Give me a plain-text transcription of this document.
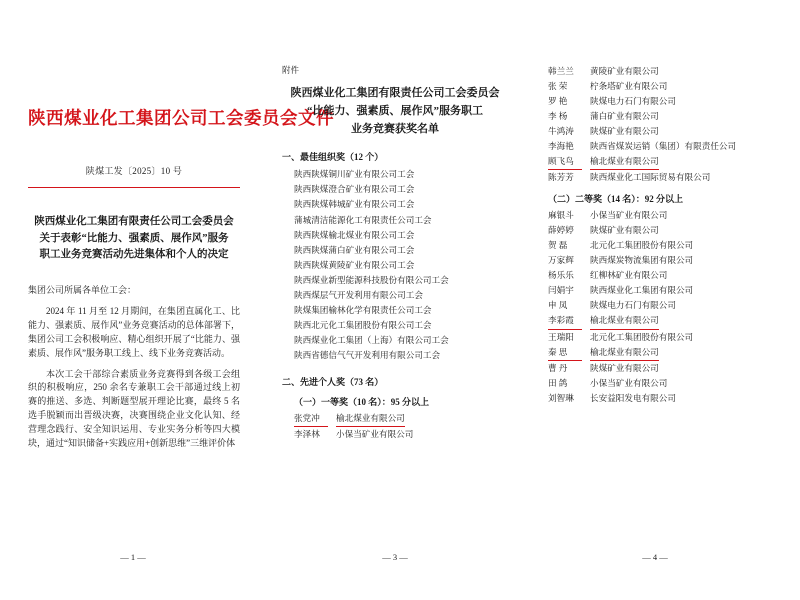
陕西煤业化工集团公司工会委员会文件
陕煤工发〔2025〕10 号
陕西煤业化工集团有限责任公司工会委员会
关于表彰“比能力、强素质、展作风”服务
职工业务竞赛活动先进集体和个人的决定
集团公司所属各单位工会：

2024 年 11 月至 12 月期间，在集团直属化工、比能力、强素质、展作风”业务竞赛活动的总体部署下，集团公司工会积极响应、精心组织开展了“比能力、强素质、展作风”服务职工线上、线下业务竞赛活动。

本次工会干部综合素质业务竞赛得到各级工会组织的积极响应，250 余名专兼职工会干部通过线上初赛的推送、多选、判断题型展开理论比赛，最终 5 名选手脱颖而出晋级决赛，决赛围绕企业文化认知、经营理念践行、安全知识运用、专业实务分析等四大模块，通过“知识储备+实践应用+创新思维”三维评价体

— 1 —
附件
陕西煤业化工集团有限责任公司工会委员会
“比能力、强素质、展作风”服务职工
业务竞赛获奖名单
一、最佳组织奖（12 个）
陕西陕煤铜川矿业有限公司工会
陕西陕煤澄合矿业有限公司工会
陕西陕煤韩城矿业有限公司工会
蒲城清洁能源化工有限责任公司工会
陕西陕煤榆北煤业有限公司工会
陕西陕煤蒲白矿业有限公司工会
陕西陕煤黄陵矿业有限公司工会
陕西煤业新型能源科技股份有限公司工会
陕西煤层气开发利用有限公司工会
陕煤集团榆林化学有限责任公司工会
陕西北元化工集团股份有限公司工会
陕西煤业化工集团（上海）有限公司工会
陕西省德信气气开发利用有限公司工会
二、先进个人奖（73 名）
（一）一等奖（10 名）：95 分以上
张党冲	榆北煤业有限公司
李泽林	小保当矿业有限公司
— 3 —
韩兰兰	黄陵矿业有限公司
张 荣	柠条塔矿业有限公司
罗 艳	陕煤电力石门有限公司
李 杨	蒲白矿业有限公司
牛鸿涛	陕煤矿业有限公司
李海艳	陕西省煤炭运销（集团）有限责任公司
顾飞鸟	榆北煤业有限公司
陈芳芳	陕西煤业化工国际贸易有限公司
（二）二等奖（14 名）：92 分以上
麻银斗	小保当矿业有限公司
薛婷婷	陕煤矿业有限公司
贺 磊	北元化工集团股份有限公司
万家辉	陕西煤炭物流集团有限公司
杨乐乐	红柳林矿业有限公司
闫娟宇	陕西煤业化工集团有限公司
申 凤	陕煤电力石门有限公司
李彩霞	榆北煤业有限公司
王瑞阳	北元化工集团股份有限公司
秦 思	榆北煤业有限公司
曹 丹	陕煤矿业有限公司
田 鸽	小保当矿业有限公司
刘智琳	长安益阳发电有限公司
— 4 —
